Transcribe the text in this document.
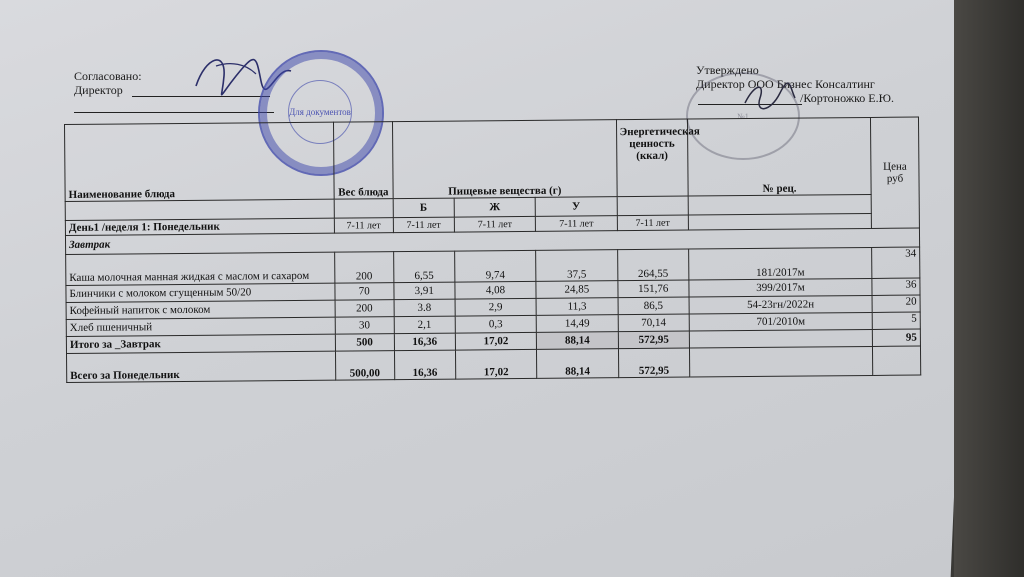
Согласовано:
Директор
Утверждено
Директор ООО Бизнес Консалтинг
/Кортоножко Е.Ю.
Для документов	№1
Наименование блюда	Вес блюда	Пищевые вещества (г)			Энергетическая ценность (ккал)	№ рец.	Цена руб
		Б	Ж	У			
День1 /неделя 1: Понедельник	7-11 лет	7-11 лет	7-11 лет	7-11 лет	7-11 лет		
Завтрак							
Каша молочная манная жидкая с маслом и сахаром	200	6,55	9,74	37,5	264,55	181/2017м	34
Блинчики с молоком сгущенным 50/20	70	3,91	4,08	24,85	151,76	399/2017м	36
Кофейный напиток с молоком	200	3.8	2,9	11,3	86,5	54-23гн/2022н	20
Хлеб пшеничный	30	2,1	0,3	14,49	70,14	701/2010м	5
Итого за _Завтрак	500	16,36	17,02	88,14	572,95		95
Всего за Понедельник	500,00	16,36	17,02	88,14	572,95		
